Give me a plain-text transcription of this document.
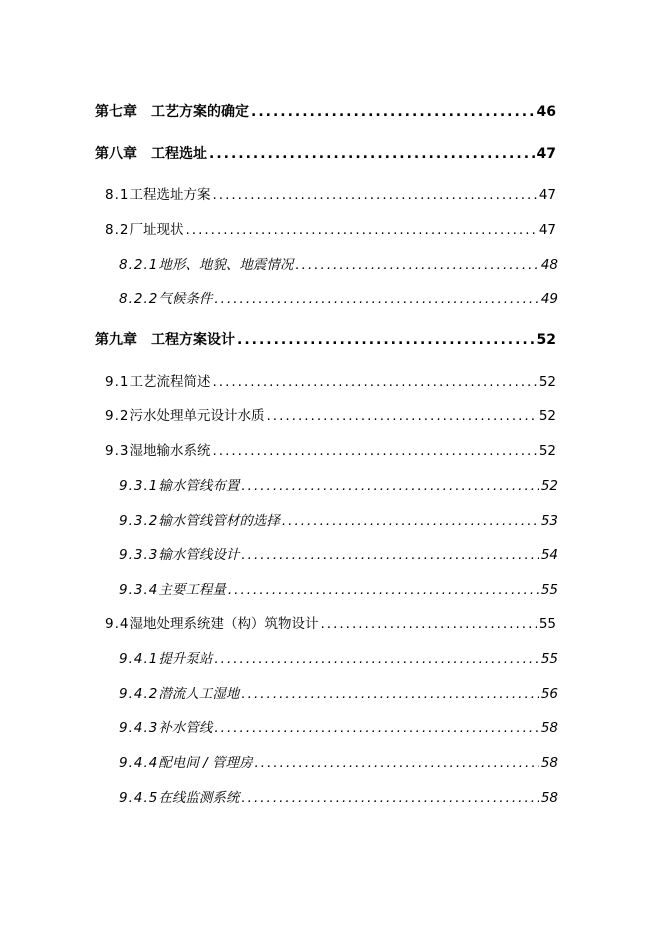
第七章 工艺方案的确定 .....	46
第八章 工程选址 .....	47
8.1工程选址方案 .....	47
8.2厂址现状 .....	47
8.2.1地形、地貌、地震情况 .....	48
8.2.2气候条件 .....	49
第九章 工程方案设计 .....	52
9.1工艺流程简述 .....	52
9.2污水处理单元设计水质 .....	52
9.3湿地输水系统 .....	52
9.3.1输水管线布置 .....	52
9.3.2输水管线管材的选择 .....	53
9.3.3输水管线设计 .....	54
9.3.4主要工程量 .....	55
9.4湿地处理系统建（构）筑物设计 .....	55
9.4.1提升泵站 .....	55
9.4.2潜流人工湿地 .....	56
9.4.3补水管线 .....	58
9.4.4配电间 / 管理房 .....	58
9.4.5在线监测系统 .....	58
